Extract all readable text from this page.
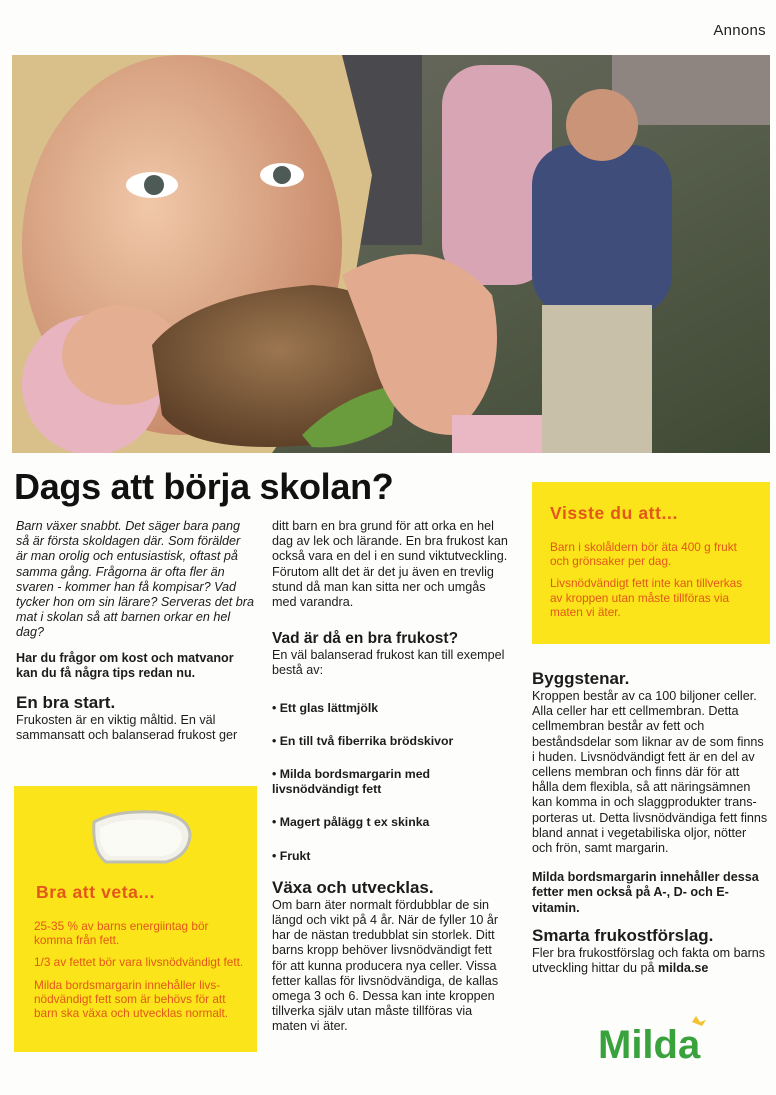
Annons
Dags att börja skolan?

Barn växer snabbt. Det säger bara pang så är första skoldagen där. Som förälder är man orolig och entusiastisk, oftast på samma gång. Frågorna är ofta fler än svaren - kommer han få kompisar? Vad tycker hon om sin lärare? Serveras det bra mat i skolan så att barnen orkar en hel dag?

Har du frågor om kost och matvanor kan du få några tips redan nu.

En bra start.

Frukosten är en viktig måltid. En väl sammansatt och balanserad frukost ger

Bra att veta...

25-35 % av barns energiintag bör komma från fett.

1/3 av fettet bör vara livsnödvändigt fett.

Milda bordsmargarin innehåller livsnödvändigt fett som är behövs för att barn ska växa och utvecklas normalt.

ditt barn en bra grund för att orka en hel dag av lek och lärande. En bra frukost kan också vara en del i en sund viktutveckling. Förutom allt det är det ju även en trevlig stund då man kan sitta ner och umgås med varandra.

Vad är då en bra frukost?

En väl balanserad frukost kan till exempel bestå av:

• Ett glas lättmjölk
• En till två fiberrika brödskivor
• Milda bordsmargarin med livsnödvändigt fett
• Magert pålägg t ex skinka
• Frukt
Växa och utvecklas.

Om barn äter normalt fördubblar de sin längd och vikt på 4 år. När de fyller 10 år har de nästan tredubblat sin storlek. Ditt barns kropp behöver livsnödvändigt fett för att kunna producera nya celler. Vissa fetter kallas för livsnödvändiga, de kallas omega 3 och 6. Dessa kan inte kroppen tillverka själv utan måste tillföras via maten vi äter.

Visste du att...

Barn i skolåldern bör äta 400 g frukt och grönsaker per dag.

Livsnödvändigt fett inte kan tillverkas av kroppen utan måste tillföras via maten vi äter.

Byggstenar.

Kroppen består av ca 100 biljoner celler. Alla celler har ett cellmembran. Detta cellmembran består av fett och beståndsdelar som liknar av de som finns i huden. Livsnödvändigt fett är en del av cellens membran och finns där för att hålla dem flexibla, så att näringsämnen kan komma in och slaggprodukter transporteras ut. Detta livsnödvändiga fett finns bland annat i vegetabiliska oljor, nötter och frön, samt margarin.

Milda bordsmargarin innehåller dessa fetter men också på A-, D- och E-vitamin.

Smarta frukostförslag.

Fler bra frukostförslag och fakta om barns utveckling hittar du på milda.se

Milda
